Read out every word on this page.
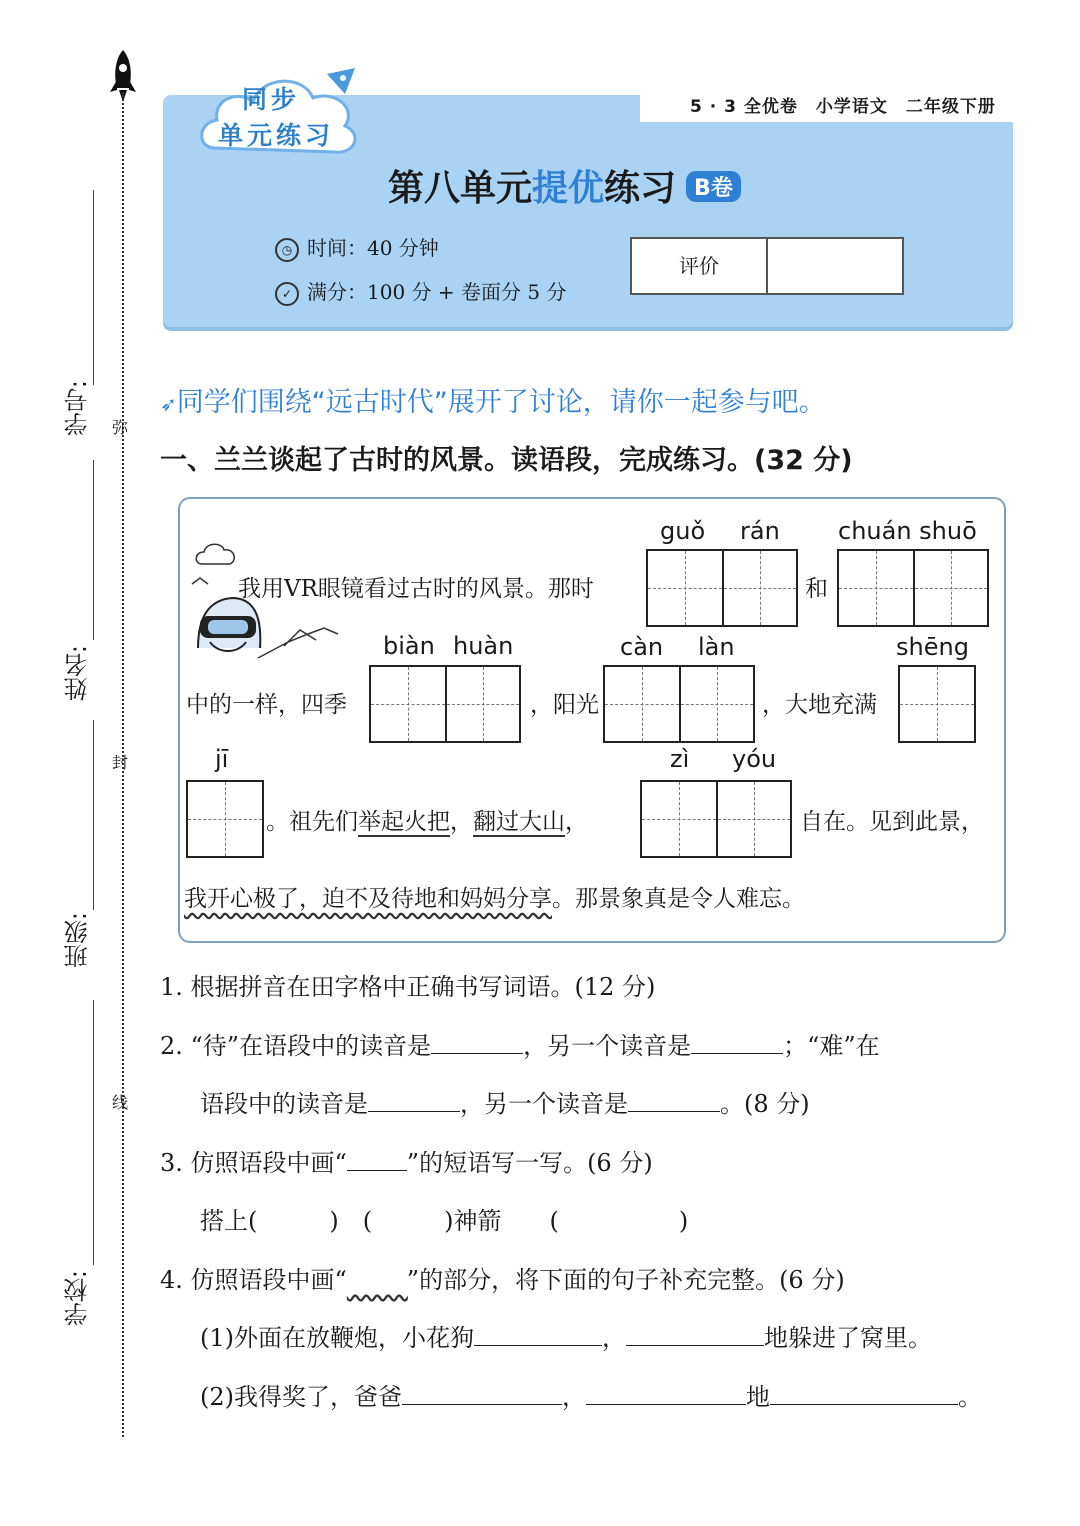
学号:
姓名:
班级:
学校:
弥
封
线
5 · 3 全优卷　小学语文　二年级下册
同步
单元练习
第八单元提优练习 B卷
◷ 时间：40 分钟
✓ 满分：100 分 + 卷面分 5 分
评价
➶同学们围绕“远古时代”展开了讨论，请你一起参与吧。
一、兰兰谈起了古时的风景。读语段，完成练习。(32 分)
guǒ rán chuán shuō
我用VR眼镜看过古时的风景。那时	和
biàn huàn	càn làn	shēng
中的一样，四季	，阳光	，大地充满
jī	zì yóu
。祖先们举起火把，翻过大山，	自在。见到此景，
我开心极了，迫不及待地和妈妈分享。那景象真是令人难忘。
1. 根据拼音在田字格中正确书写词语。(12 分)
2. “待”在语段中的读音是	，另一个读音是	；“难”在
语段中的读音是	，另一个读音是	。(8 分)
3. 仿照语段中画“	”的短语写一写。(6 分)
搭上(　　　)　(　　　)神箭　　(　　　　　)
4. 仿照语段中画“	”的部分，将下面的句子补充完整。(6 分)
(1)外面在放鞭炮，小花狗	，	地躲进了窝里。
(2)我得奖了，爸爸	，	地	。
